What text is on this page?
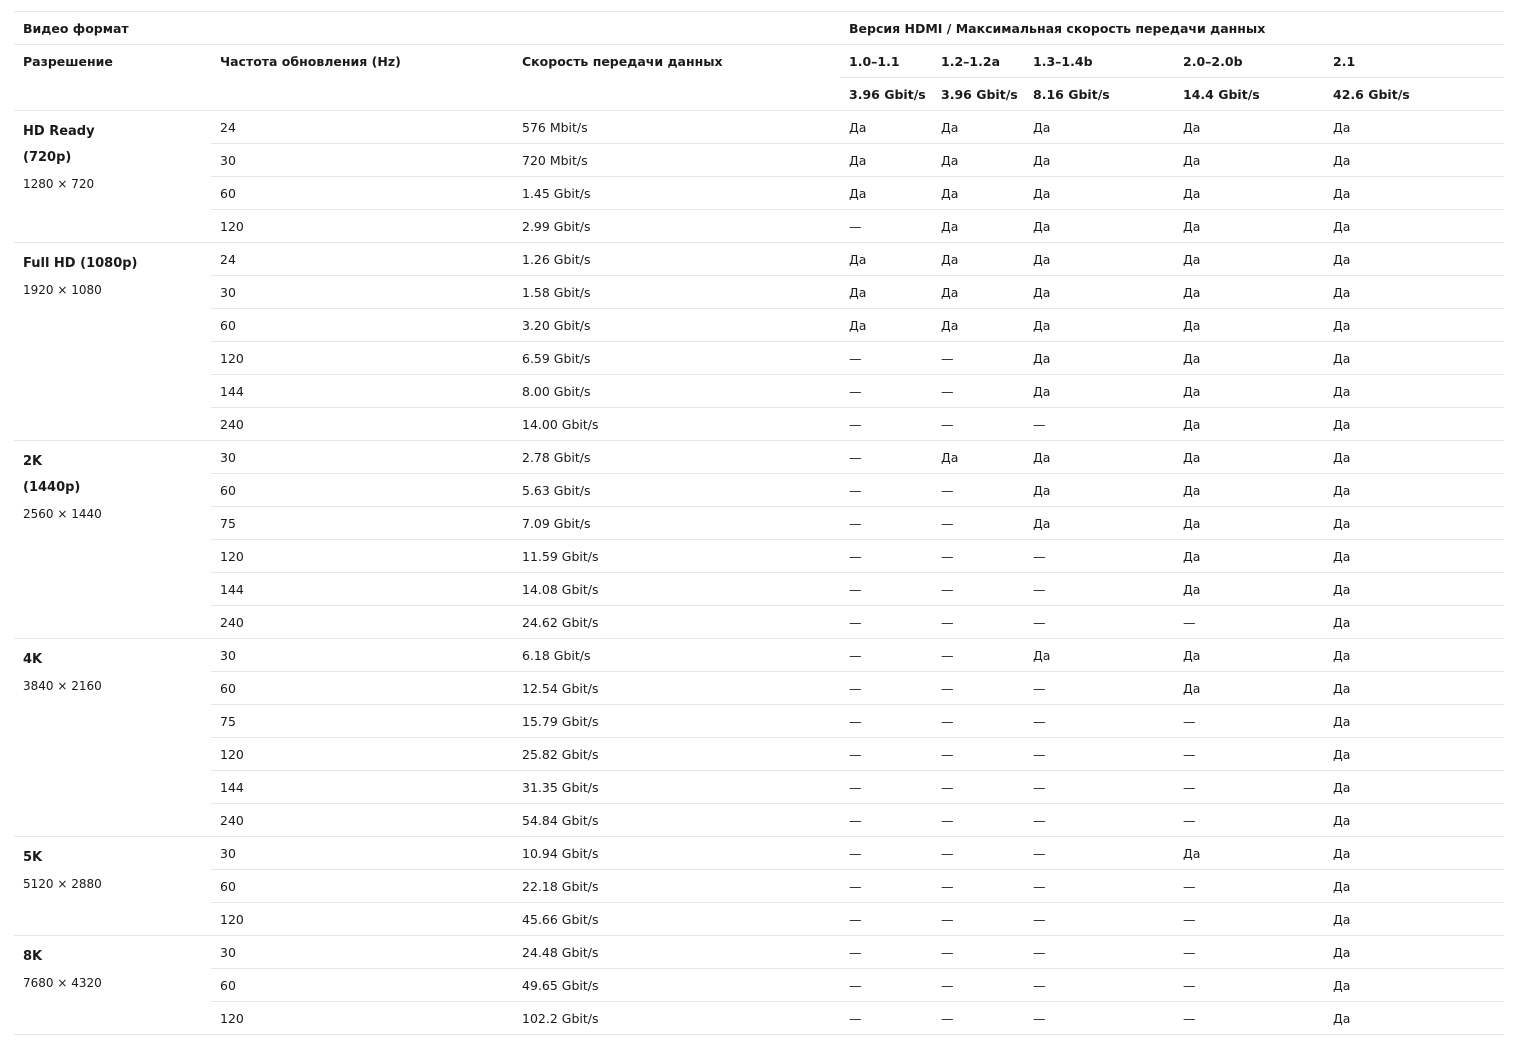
Видео формат			Версия HDMI / Максимальная скорость передачи данных				
Разрешение	Частота обновления (Hz)	Скорость передачи данных	1.0–1.1	1.2–1.2a	1.3–1.4b	2.0–2.0b	2.1
			3.96 Gbit/s	3.96 Gbit/s	8.16 Gbit/s	14.4 Gbit/s	42.6 Gbit/s

HD Ready
(720p)
1280 × 720	24	576 Mbit/s	Да	Да	Да	Да	Да
	30	720 Mbit/s	Да	Да	Да	Да	Да
	60	1.45 Gbit/s	Да	Да	Да	Да	Да
	120	2.99 Gbit/s	—	Да	Да	Да	Да

Full HD (1080p)
1920 × 1080	24	1.26 Gbit/s	Да	Да	Да	Да	Да
	30	1.58 Gbit/s	Да	Да	Да	Да	Да
	60	3.20 Gbit/s	Да	Да	Да	Да	Да
	120	6.59 Gbit/s	—	—	Да	Да	Да
	144	8.00 Gbit/s	—	—	Да	Да	Да
	240	14.00 Gbit/s	—	—	—	Да	Да

2K
(1440p)
2560 × 1440	30	2.78 Gbit/s	—	Да	Да	Да	Да
	60	5.63 Gbit/s	—	—	Да	Да	Да
	75	7.09 Gbit/s	—	—	Да	Да	Да
	120	11.59 Gbit/s	—	—	—	Да	Да
	144	14.08 Gbit/s	—	—	—	Да	Да
	240	24.62 Gbit/s	—	—	—	—	Да

4K
3840 × 2160	30	6.18 Gbit/s	—	—	Да	Да	Да
	60	12.54 Gbit/s	—	—	—	Да	Да
	75	15.79 Gbit/s	—	—	—	—	Да
	120	25.82 Gbit/s	—	—	—	—	Да
	144	31.35 Gbit/s	—	—	—	—	Да
	240	54.84 Gbit/s	—	—	—	—	Да

5K
5120 × 2880	30	10.94 Gbit/s	—	—	—	Да	Да
	60	22.18 Gbit/s	—	—	—	—	Да
	120	45.66 Gbit/s	—	—	—	—	Да

8K
7680 × 4320	30	24.48 Gbit/s	—	—	—	—	Да
	60	49.65 Gbit/s	—	—	—	—	Да
	120	102.2 Gbit/s	—	—	—	—	Да
